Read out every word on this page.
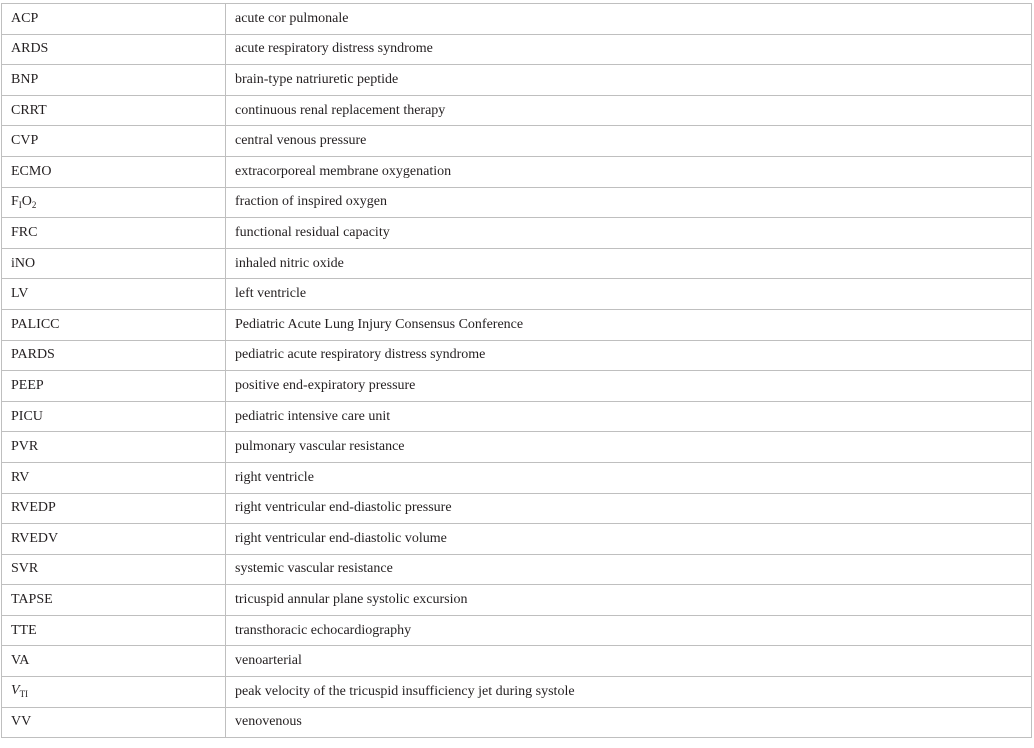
ACP	acute cor pulmonale
ARDS	acute respiratory distress syndrome
BNP	brain-type natriuretic peptide
CRRT	continuous renal replacement therapy
CVP	central venous pressure
ECMO	extracorporeal membrane oxygenation
$F_IO_2$	fraction of inspired oxygen
FRC	functional residual capacity
iNO	inhaled nitric oxide
LV	left ventricle
PALICC	Pediatric Acute Lung Injury Consensus Conference
PARDS	pediatric acute respiratory distress syndrome
PEEP	positive end-expiratory pressure
PICU	pediatric intensive care unit
PVR	pulmonary vascular resistance
RV	right ventricle
RVEDP	right ventricular end-diastolic pressure
RVEDV	right ventricular end-diastolic volume
SVR	systemic vascular resistance
TAPSE	tricuspid annular plane systolic excursion
TTE	transthoracic echocardiography
VA	venoarterial
$V_{TI}$	peak velocity of the tricuspid insufficiency jet during systole
VV	venovenous
